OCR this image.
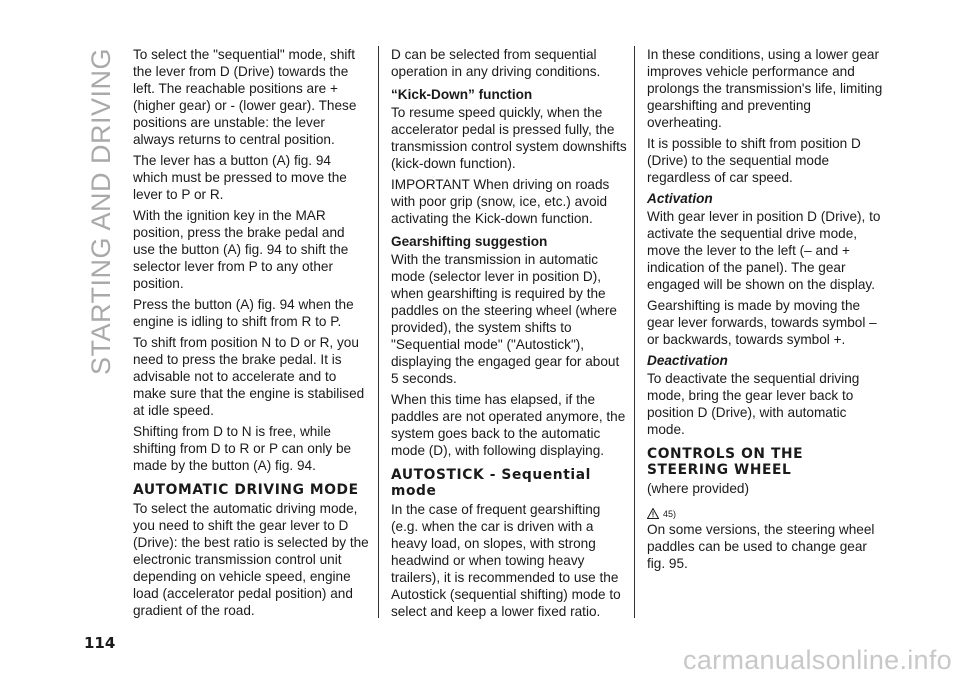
STARTING AND DRIVING To select the "sequential" mode, shift the lever from D (Drive) towards the left. The reachable positions are + (higher gear) or - (lower gear). These positions are unstable: the lever always returns to central position.

The lever has a button (A) fig. 94 which must be pressed to move the lever to P or R.

With the ignition key in the MAR position, press the brake pedal and use the button (A) fig. 94 to shift the selector lever from P to any other position.

Press the button (A) fig. 94 when the engine is idling to shift from R to P.

To shift from position N to D or R, you need to press the brake pedal. It is advisable not to accelerate and to make sure that the engine is stabilised at idle speed.

Shifting from D to N is free, while shifting from D to R or P can only be made by the button (A) fig. 94.

AUTOMATIC DRIVING MODE

To select the automatic driving mode, you need to shift the gear lever to D (Drive): the best ratio is selected by the electronic transmission control unit depending on vehicle speed, engine load (accelerator pedal position) and gradient of the road.

D can be selected from sequential operation in any driving conditions.

“Kick-Down” function

To resume speed quickly, when the accelerator pedal is pressed fully, the transmission control system downshifts (kick-down function).

IMPORTANT When driving on roads with poor grip (snow, ice, etc.) avoid activating the Kick-down function.

Gearshifting suggestion

With the transmission in automatic mode (selector lever in position D), when gearshifting is required by the paddles on the steering wheel (where provided), the system shifts to "Sequential mode" ("Autostick"), displaying the engaged gear for about 5 seconds.

When this time has elapsed, if the paddles are not operated anymore, the system goes back to the automatic mode (D), with following displaying.

AUTOSTICK - Sequential mode

In the case of frequent gearshifting (e.g. when the car is driven with a heavy load, on slopes, with strong headwind or when towing heavy trailers), it is recommended to use the Autostick (sequential shifting) mode to select and keep a lower fixed ratio.

In these conditions, using a lower gear improves vehicle performance and prolongs the transmission's life, limiting gearshifting and preventing overheating.

It is possible to shift from position D (Drive) to the sequential mode regardless of car speed.

Activation

With gear lever in position D (Drive), to activate the sequential drive mode, move the lever to the left (– and + indication of the panel). The gear engaged will be shown on the display.

Gearshifting is made by moving the gear lever forwards, towards symbol – or backwards, towards symbol +.

Deactivation

To deactivate the sequential driving mode, bring the gear lever back to position D (Drive), with automatic mode.

CONTROLS ON THE STEERING WHEEL

(where provided)

45)

On some versions, the steering wheel paddles can be used to change gear fig. 95.

114
carmanualsonline.info
